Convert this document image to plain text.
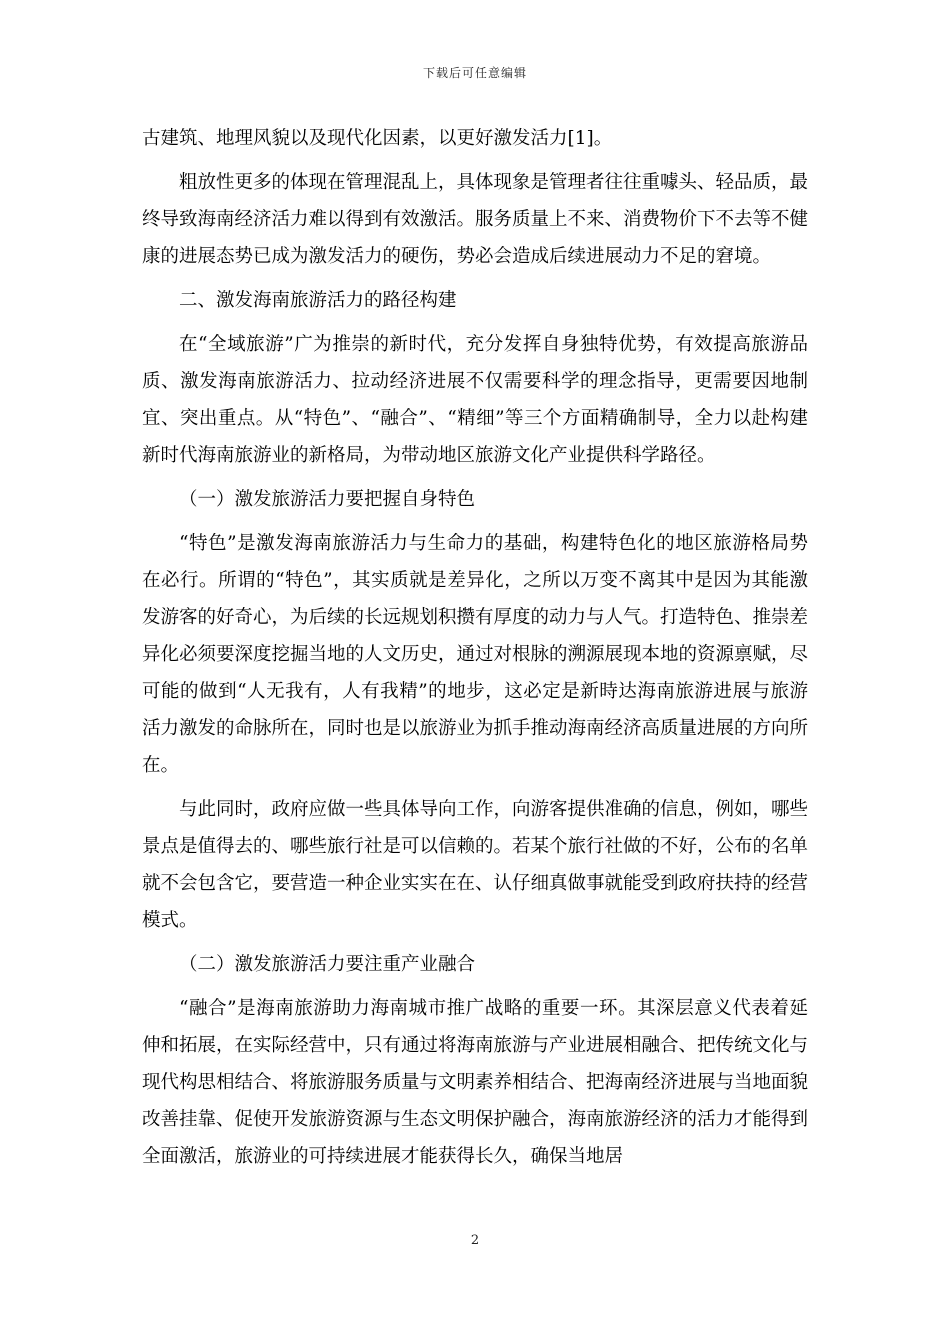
下载后可任意编辑

古建筑、地理风貌以及现代化因素，以更好激发活力[1]。

粗放性更多的体现在管理混乱上，具体现象是管理者往往重噱头、轻品质，最终导致海南经济活力难以得到有效激活。服务质量上不来、消费物价下不去等不健康的进展态势已成为激发活力的硬伤，势必会造成后续进展动力不足的窘境。

二、激发海南旅游活力的路径构建

在“全域旅游”广为推崇的新时代，充分发挥自身独特优势，有效提高旅游品质、激发海南旅游活力、拉动经济进展不仅需要科学的理念指导，更需要因地制宜、突出重点。从“特色”、“融合”、“精细”等三个方面精确制导，全力以赴构建新时代海南旅游业的新格局，为带动地区旅游文化产业提供科学路径。

（一）激发旅游活力要把握自身特色

“特色”是激发海南旅游活力与生命力的基础，构建特色化的地区旅游格局势在必行。所谓的“特色”，其实质就是差异化，之所以万变不离其中是因为其能激发游客的好奇心，为后续的长远规划积攒有厚度的动力与人气。打造特色、推崇差异化必须要深度挖掘当地的人文历史，通过对根脉的溯源展现本地的资源禀赋，尽可能的做到“人无我有，人有我精”的地步，这必定是新時达海南旅游进展与旅游活力激发的命脉所在，同时也是以旅游业为抓手推动海南经济高质量进展的方向所在。

与此同时，政府应做一些具体导向工作，向游客提供准确的信息，例如，哪些景点是值得去的、哪些旅行社是可以信赖的。若某个旅行社做的不好，公布的名单就不会包含它，要营造一种企业实实在在、认仔细真做事就能受到政府扶持的经营模式。

（二）激发旅游活力要注重产业融合

“融合”是海南旅游助力海南城市推广战略的重要一环。其深层意义代表着延伸和拓展，在实际经营中，只有通过将海南旅游与产业进展相融合、把传统文化与现代构思相结合、将旅游服务质量与文明素养相结合、把海南经济进展与当地面貌改善挂靠、促使开发旅游资源与生态文明保护融合，海南旅游经济的活力才能得到全面激活，旅游业的可持续进展才能获得长久，确保当地居

2
